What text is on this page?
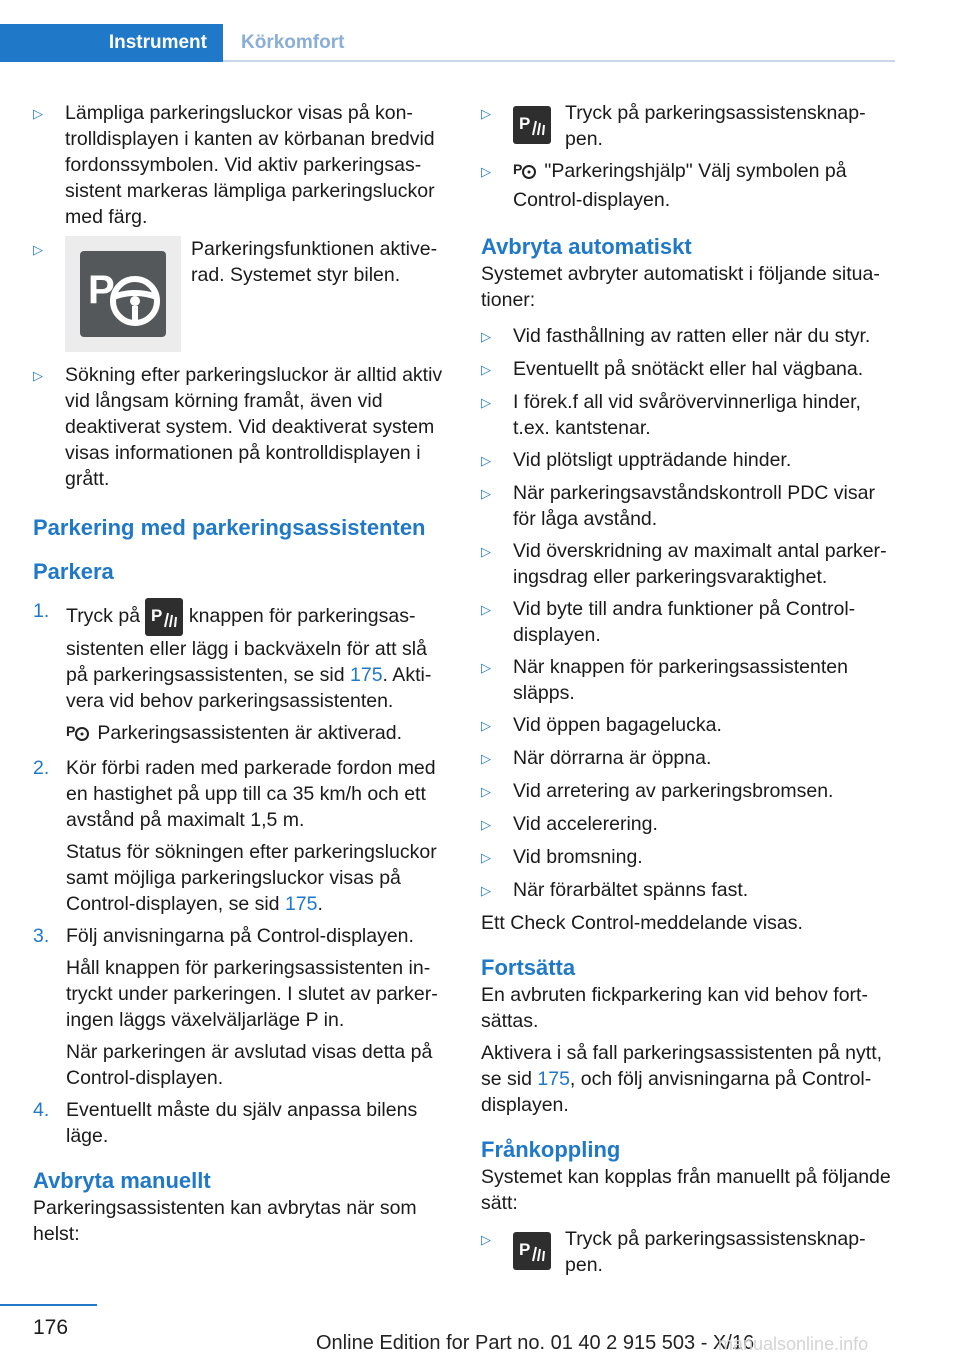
Instrument	Körkomfort
▷	Lämpliga parkeringsluckor visas på kontrolldisplayen i kanten av körbanan bredvid fordonssymbolen. Vid aktiv parkeringsassistent markeras lämpliga parkeringsluckor med färg.
▷
P
Parkeringsfunktionen aktiverad. Systemet styr bilen.
▷	Sökning efter parkeringsluckor är alltid aktiv vid långsam körning framåt, även vid deaktiverat system. Vid deaktiverat system visas informationen på kontrolldisplayen i grått.
Parkering med parkeringsassistenten
Parkera
1. Tryck på P knappen för parkeringsassistenten eller lägg i backväxeln för att slå på parkeringsassistenten, se sid 175. Aktivera vid behov parkeringsassistenten.
P Parkeringsassistenten är aktiverad.
2. Kör förbi raden med parkerade fordon med en hastighet på upp till ca 35 km/h och ett avstånd på maximalt 1,5 m.
Status för sökningen efter parkeringsluckor samt möjliga parkeringsluckor visas på Control-displayen, se sid 175.
3. Följ anvisningarna på Control-displayen.
Håll knappen för parkeringsassistenten intryckt under parkeringen. I slutet av parkeringen läggs växelväljarläge P in.
När parkeringen är avslutad visas detta på Control-displayen.
4. Eventuellt måste du själv anpassa bilens läge.
Avbryta manuellt
Parkeringsassistenten kan avbrytas när som helst:
▷
P Tryck på parkeringsassistensknappen.
▷	P "Parkeringshjälp" Välj symbolen på Control-displayen.
Avbryta automatiskt
Systemet avbryter automatiskt i följande situationer:
▷	Vid fasthållning av ratten eller när du styr.
▷	Eventuellt på snötäckt eller hal vägbana.
▷	I förek.f all vid svårövervinnerliga hinder, t.ex. kantstenar.
▷	Vid plötsligt uppträdande hinder.
▷	När parkeringsavståndskontroll PDC visar för låga avstånd.
▷	Vid överskridning av maximalt antal parkeringsdrag eller parkeringsvaraktighet.
▷	Vid byte till andra funktioner på Control-displayen.
▷	När knappen för parkeringsassistenten släpps.
▷	Vid öppen bagagelucka.
▷	När dörrarna är öppna.
▷	Vid arretering av parkeringsbromsen.
▷	Vid accelerering.
▷	Vid bromsning.
▷	När förarbältet spänns fast.
Ett Check Control-meddelande visas.
Fortsätta
En avbruten fickparkering kan vid behov fortsättas.
Aktivera i så fall parkeringsassistenten på nytt, se sid 175, och följ anvisningarna på Control-displayen.
Frånkoppling
Systemet kan kopplas från manuellt på följande sätt:
▷
P Tryck på parkeringsassistensknappen.
176
Online Edition for Part no. 01 40 2 915 503 - X/16
manualsonline.info
